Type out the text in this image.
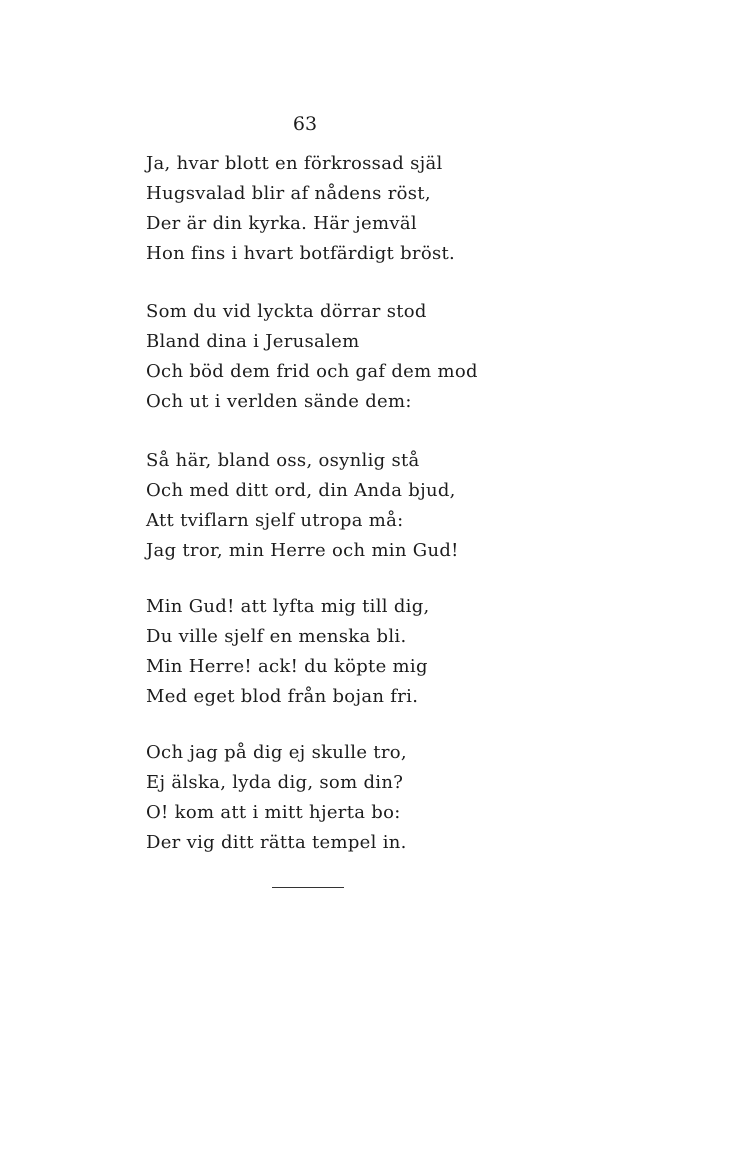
63
Ja, hvar blott en förkrossad själ
Hugsvalad blir af nådens röst,
Der är din kyrka. Här jemväl
Hon fins i hvart botfärdigt bröst.
Som du vid lyckta dörrar stod
Bland dina i Jerusalem
Och böd dem frid och gaf dem mod
Och ut i verlden sände dem:
Så här, bland oss, osynlig stå
Och med ditt ord, din Anda bjud,
Att tviflarn sjelf utropa må:
Jag tror, min Herre och min Gud!
Min Gud! att lyfta mig till dig,
Du ville sjelf en menska bli.
Min Herre! ack! du köpte mig
Med eget blod från bojan fri.
Och jag på dig ej skulle tro,
Ej älska, lyda dig, som din?
O! kom att i mitt hjerta bo:
Der vig ditt rätta tempel in.
